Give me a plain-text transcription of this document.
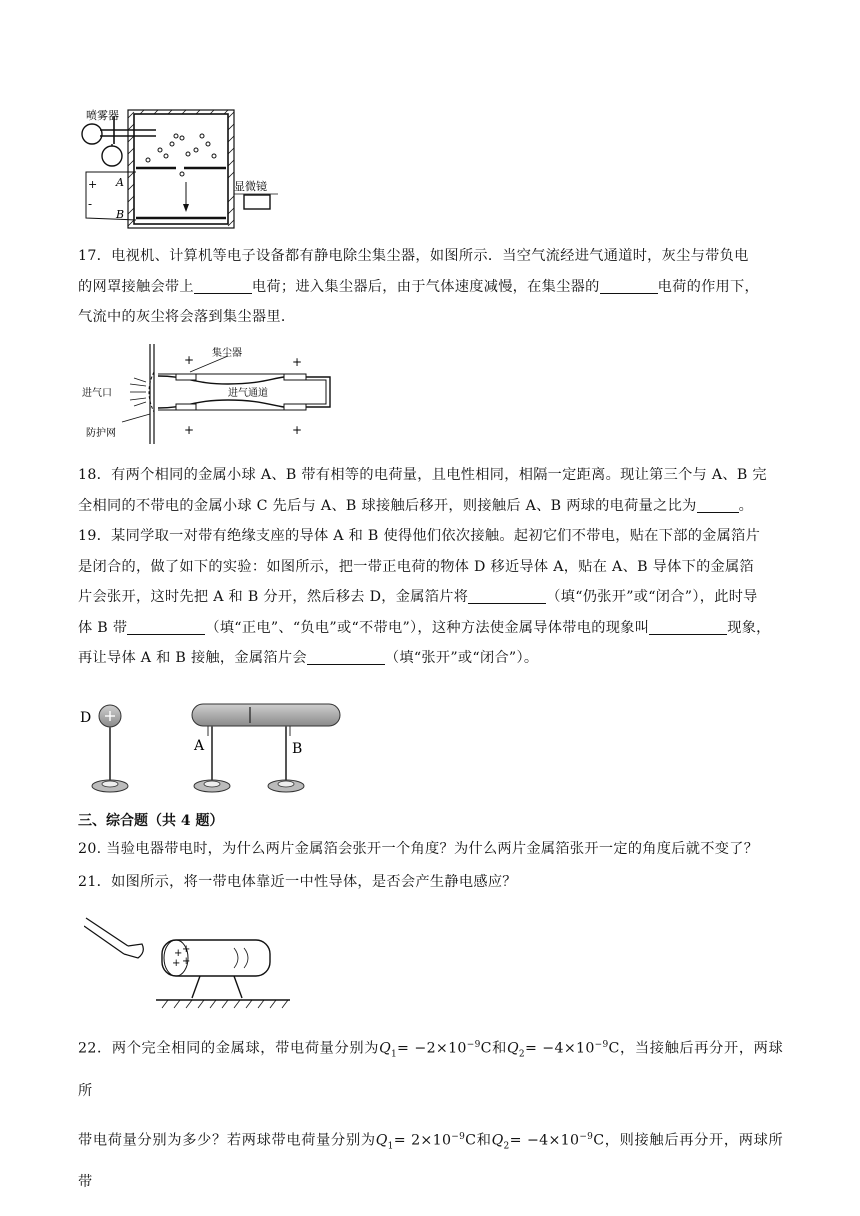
显微镜
喷雾器
A
B
+
-
17．电视机、计算机等电子设备都有静电除尘集尘器，如图所示．当空气流经进气通道时，灰尘与带负电
的网罩接触会带上	电荷；进入集尘器后，由于气体速度减慢，在集尘器的	电荷的作用下，
气流中的灰尘将会落到集尘器里．
+	+
+	+
集尘器
进气口	进气通道
防护网
18．有两个相同的金属小球 A、B 带有相等的电荷量，且电性相同，相隔一定距离。现让第三个与 A、B 完
全相同的不带电的金属小球 C 先后与 A、B 球接触后移开，则接触后 A、B 两球的电荷量之比为	。
19．某同学取一对带有绝缘支座的导体 A 和 B 使得他们依次接触。起初它们不带电，贴在下部的金属箔片
是闭合的，做了如下的实验：如图所示，把一带正电荷的物体 D 移近导体 A，贴在 A、B 导体下的金属箔
片会张开，这时先把 A 和 B 分开，然后移去 D，金属箔片将	（填“仍张开”或“闭合”），此时导
体 B 带	（填“正电”、“负电”或“不带电”），这种方法使金属导体带电的现象叫	现象，
再让导体 A 和 B 接触，金属箔片会	（填“张开”或“闭合”）。
D
A	B
三、综合题（共 4 题）
20. 当验电器带电时，为什么两片金属箔会张开一个角度？为什么两片金属箔张开一定的角度后就不变了？
21．如图所示，将一带电体靠近一中性导体，是否会产生静电感应？
+ +
+ +
22．两个完全相同的金属球，带电荷量分别为$Q_1= -2\times 10^{-9}C$和$Q_2= -4\times 10^{-9}C$，当接触后再分开，两球所
带电荷量分别为多少？若两球带电荷量分别为$Q_1= 2\times 10^{-9}C$和$Q_2= -4\times 10^{-9}C$，则接触后再分开，两球所带
